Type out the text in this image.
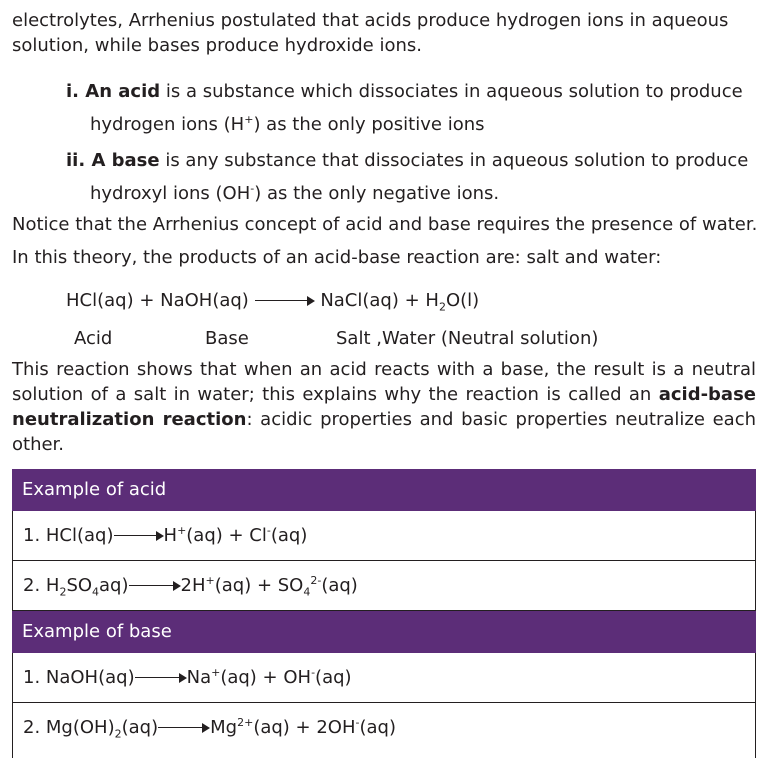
electrolytes, Arrhenius postulated that acids produce hydrogen ions in aqueous
solution, while bases produce hydroxide ions.
i. An acid is a substance which dissociates in aqueous solution to produce
hydrogen ions (H+) as the only positive ions
ii. A base is any substance that dissociates in aqueous solution to produce
hydroxyl ions (OH-) as the only negative ions.
Notice that the Arrhenius concept of acid and base requires the presence of water.
In this theory, the products of an acid-base reaction are: salt and water:
HCl(aq) + NaOH(aq)	NaCl(aq) + $H_2O(l)$
Acid	Base	Salt ,Water (Neutral solution)
This reaction shows that when an acid reacts with a base, the result is a neutral solution of a salt in water; this explains why the reaction is called an acid-base neutralization reaction: acidic properties and basic properties neutralize each other.
Example of acid
1. HCl(aq)	H+(aq) + Cl-(aq)
2. $H_2SO_4aq$)	$2H^+(aq) + SO_4^{2-}(aq)$
Example of base
1. NaOH(aq)	Na+(aq) + OH-(aq)
2. $Mg(OH)_2(aq)$	$Mg^{2+}(aq) + 2OH^-(aq)$
